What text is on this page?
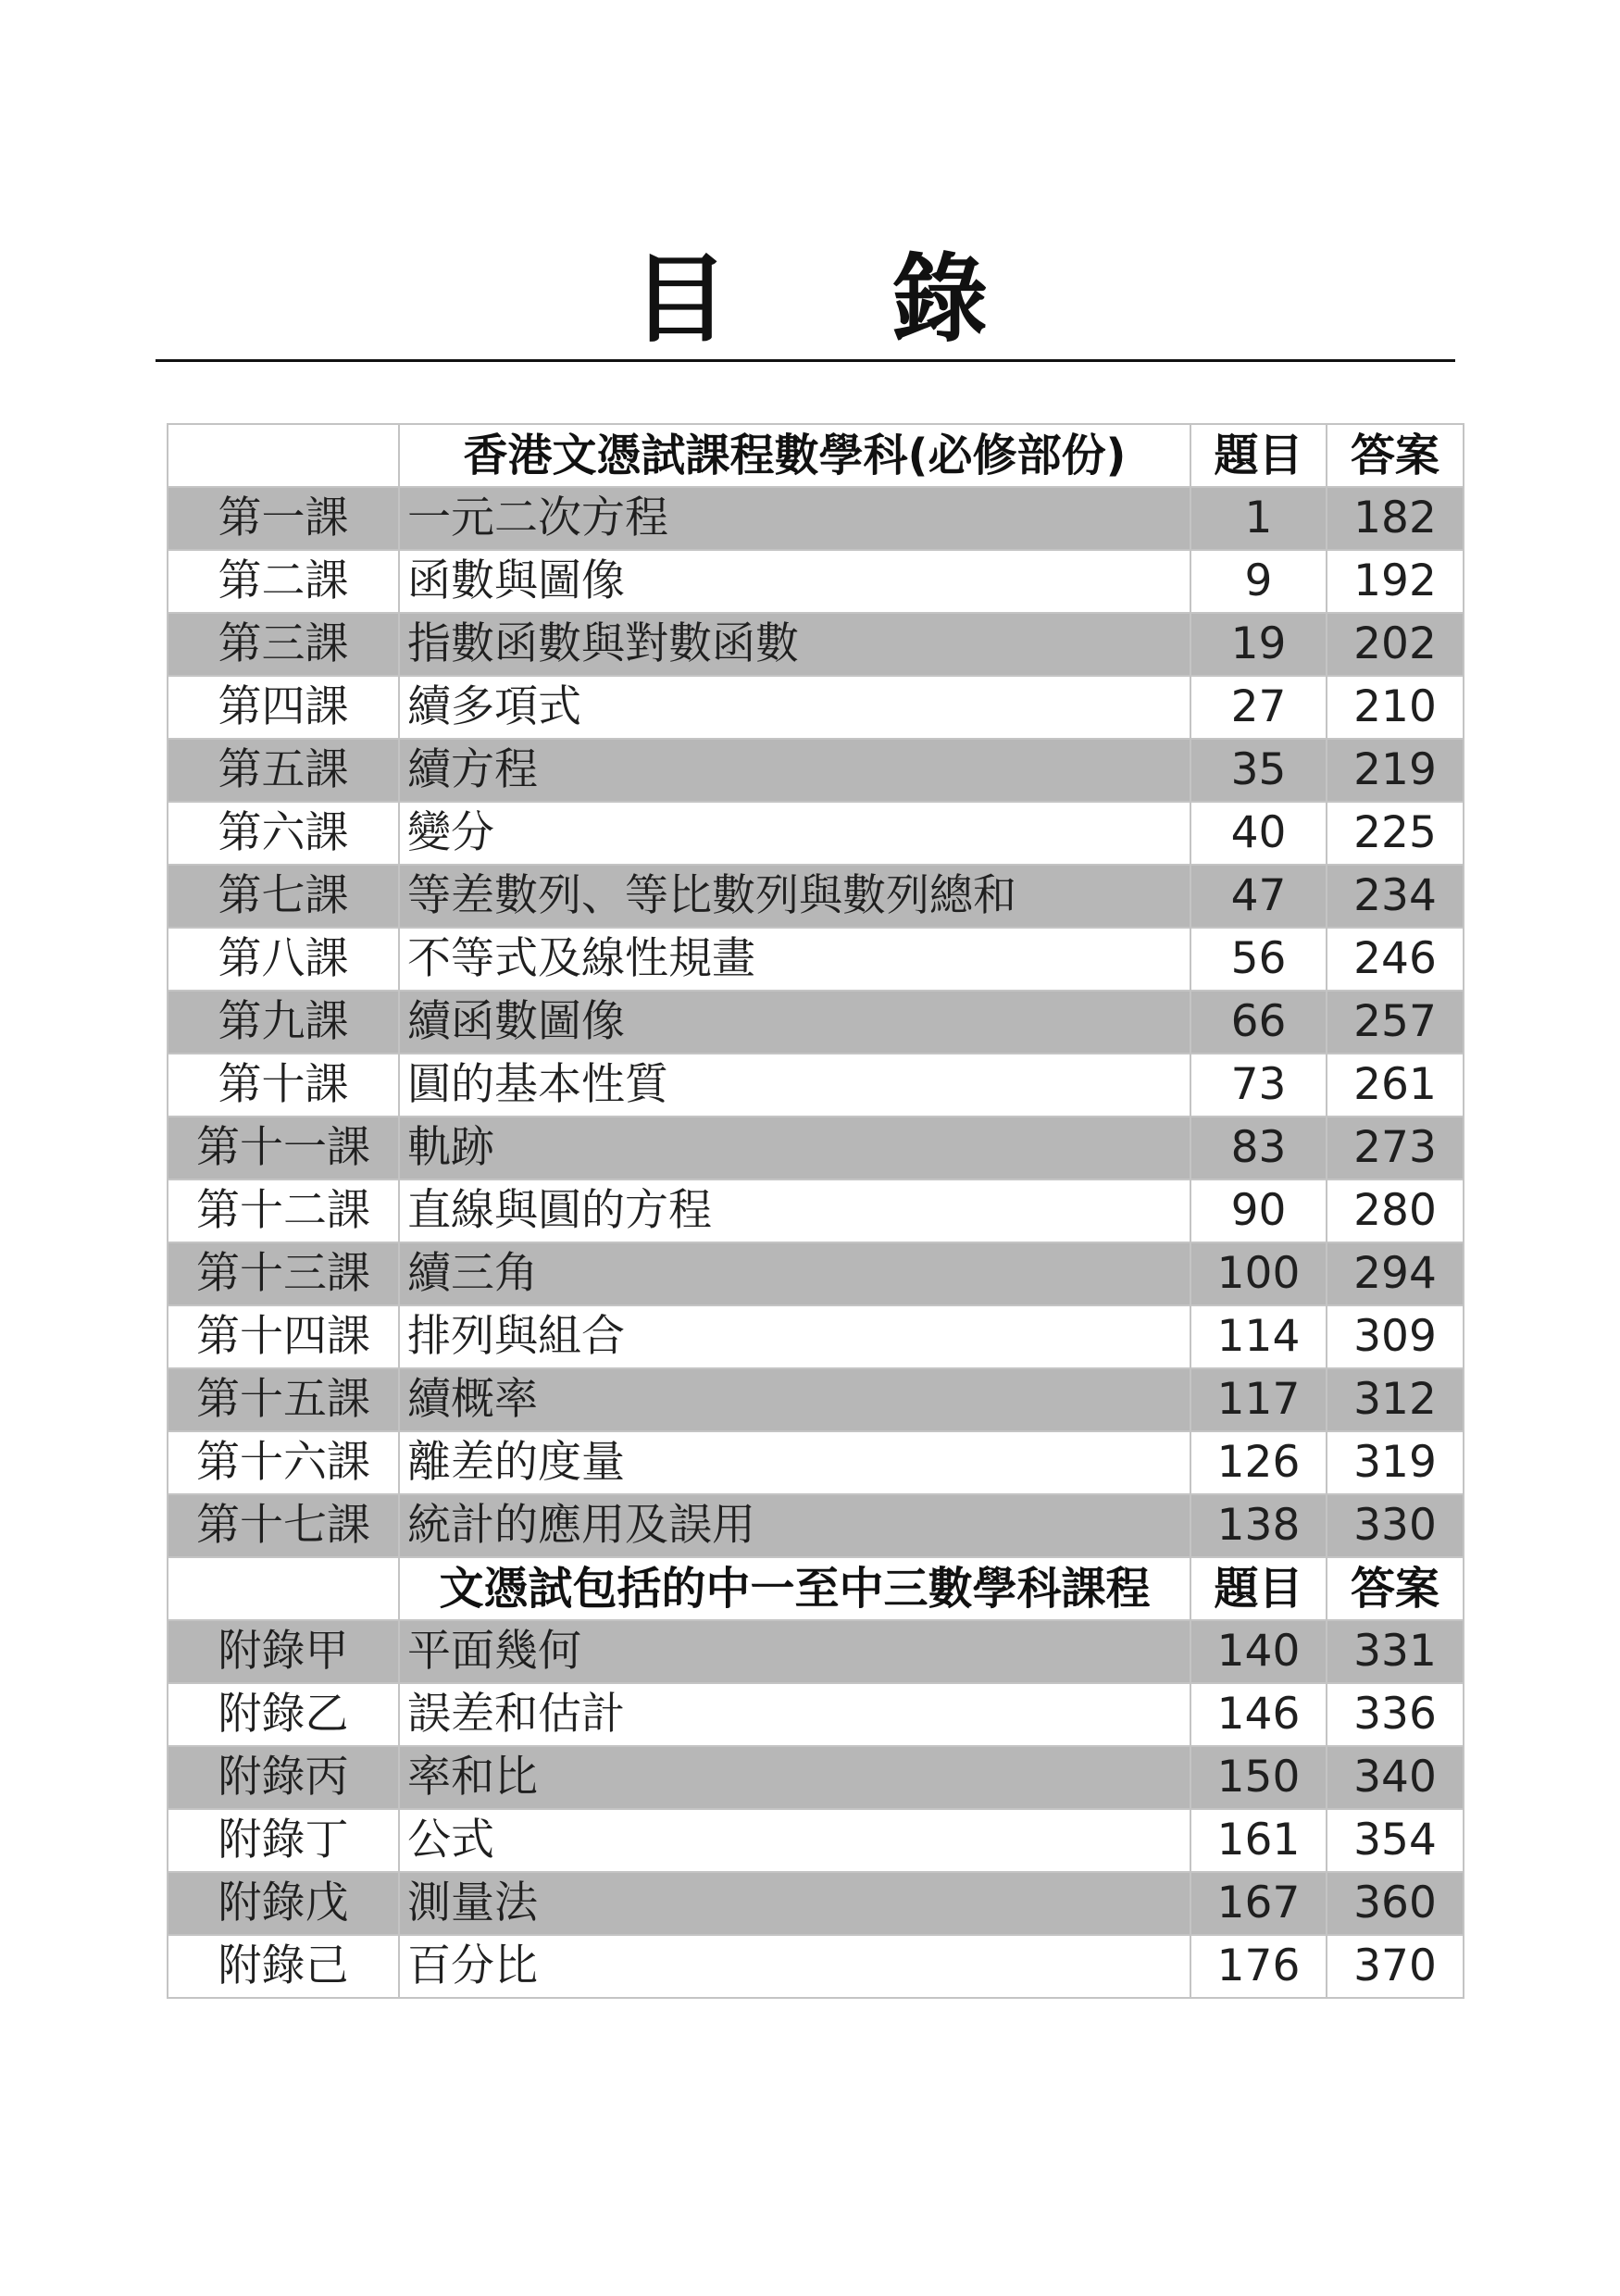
目 錄
	香港文憑試課程數學科(必修部份)	題目	答案
第一課	一元二次方程	1	182
第二課	函數與圖像	9	192
第三課	指數函數與對數函數	19	202
第四課	續多項式	27	210
第五課	續方程	35	219
第六課	變分	40	225
第七課	等差數列、等比數列與數列總和	47	234
第八課	不等式及線性規畫	56	246
第九課	續函數圖像	66	257
第十課	圓的基本性質	73	261
第十一課	軌跡	83	273
第十二課	直線與圓的方程	90	280
第十三課	續三角	100	294
第十四課	排列與組合	114	309
第十五課	續概率	117	312
第十六課	離差的度量	126	319
第十七課	統計的應用及誤用	138	330
	文憑試包括的中一至中三數學科課程	題目	答案
附錄甲	平面幾何	140	331
附錄乙	誤差和估計	146	336
附錄丙	率和比	150	340
附錄丁	公式	161	354
附錄戊	測量法	167	360
附錄己	百分比	176	370
